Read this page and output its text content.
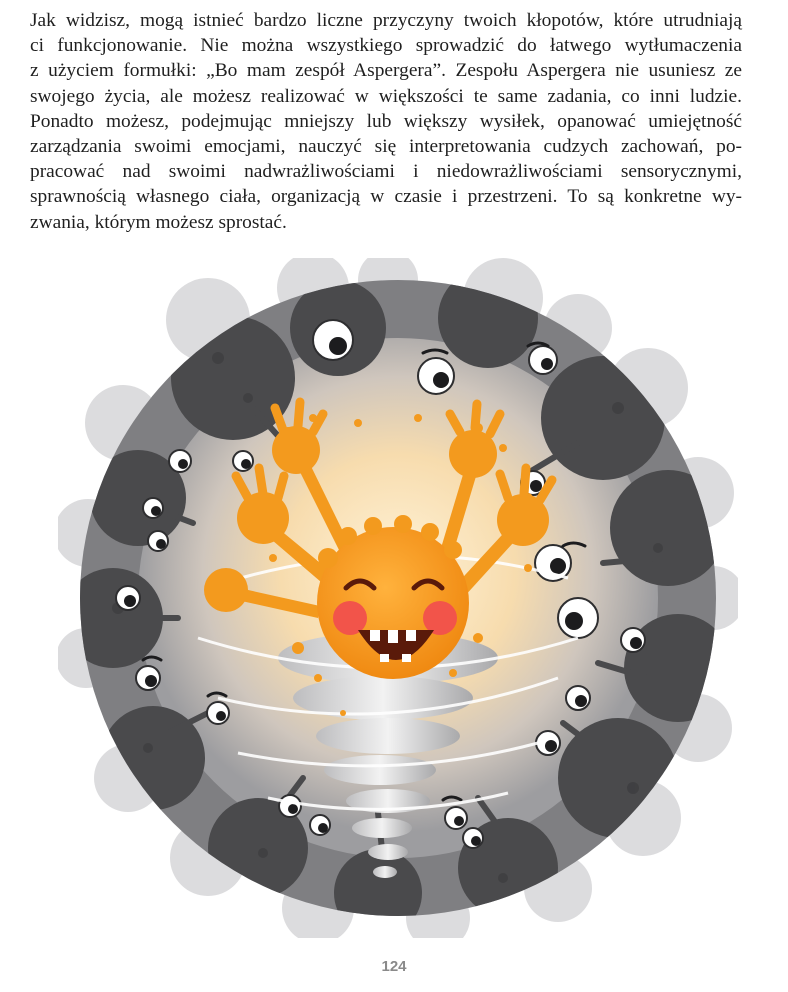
Jak widzisz, mogą istnieć bardzo liczne przyczyny twoich kłopotów, które utrudniają
ci funkcjonowanie. Nie można wszystkiego sprowadzić do łatwego wytłumaczenia
z użyciem formułki: „Bo mam zespół Aspergera”. Zespołu Aspergera nie usuniesz ze
swojego życia, ale możesz realizować w większości te same zadania, co inni ludzie.
Ponadto możesz, podejmując mniejszy lub większy wysiłek, opanować umiejętność
zarządzania swoimi emocjami, nauczyć się interpretowania cudzych zachowań, po-
pracować nad swoimi nadwrażliwościami i niedowrażliwościami sensorycznymi,
sprawnością własnego ciała, organizacją w czasie i przestrzeni. To są konkretne wy-
zwania, którym możesz sprostać.

124
